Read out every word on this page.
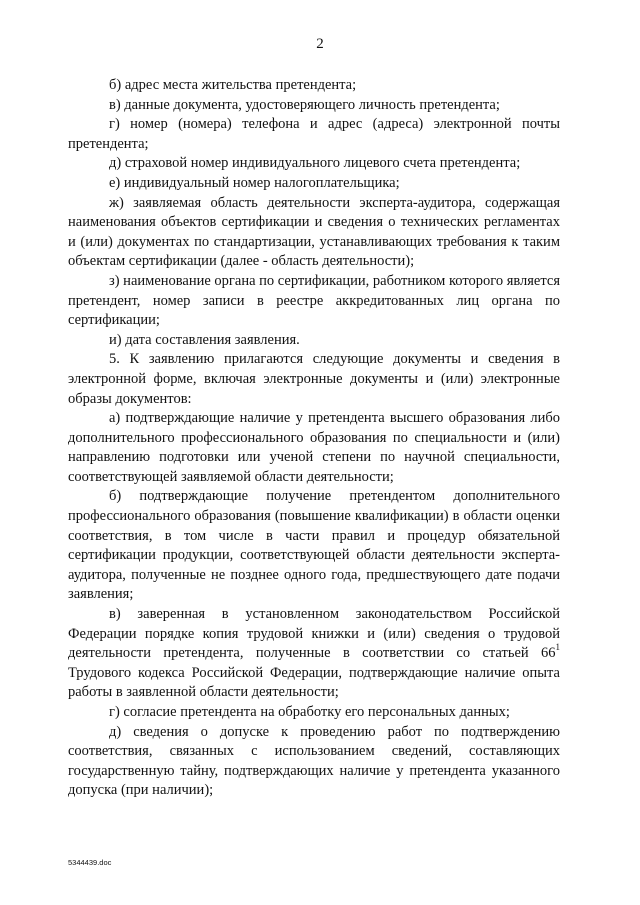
2

б) адрес места жительства претендента;

в) данные документа, удостоверяющего личность претендента;

г) номер (номера) телефона и адрес (адреса) электронной почты претендента;

д) страховой номер индивидуального лицевого счета претендента;

е) индивидуальный номер налогоплательщика;

ж) заявляемая область деятельности эксперта-аудитора, содержащая наименования объектов сертификации и сведения о технических регламентах и (или) документах по стандартизации, устанавливающих требования к таким объектам сертификации (далее - область деятельности);

з) наименование органа по сертификации, работником которого является претендент, номер записи в реестре аккредитованных лиц органа по сертификации;

и) дата составления заявления.

5. К заявлению прилагаются следующие документы и сведения в электронной форме, включая электронные документы и (или) электронные образы документов:

а) подтверждающие наличие у претендента высшего образования либо дополнительного профессионального образования по специальности и (или) направлению подготовки или ученой степени по научной специальности, соответствующей заявляемой области деятельности;

б) подтверждающие получение претендентом дополнительного профессионального образования (повышение квалификации) в области оценки соответствия, в том числе в части правил и процедур обязательной сертификации продукции, соответствующей области деятельности эксперта-аудитора, полученные не позднее одного года, предшествующего дате подачи заявления;

в) заверенная в установленном законодательством Российской Федерации порядке копия трудовой книжки и (или) сведения о трудовой деятельности претендента, полученные в соответствии со статьей $66^1$ Трудового кодекса Российской Федерации, подтверждающие наличие опыта работы в заявленной области деятельности;

г) согласие претендента на обработку его персональных данных;

д) сведения о допуске к проведению работ по подтверждению соответствия, связанных с использованием сведений, составляющих государственную тайну, подтверждающих наличие у претендента указанного допуска (при наличии);

5344439.doc
